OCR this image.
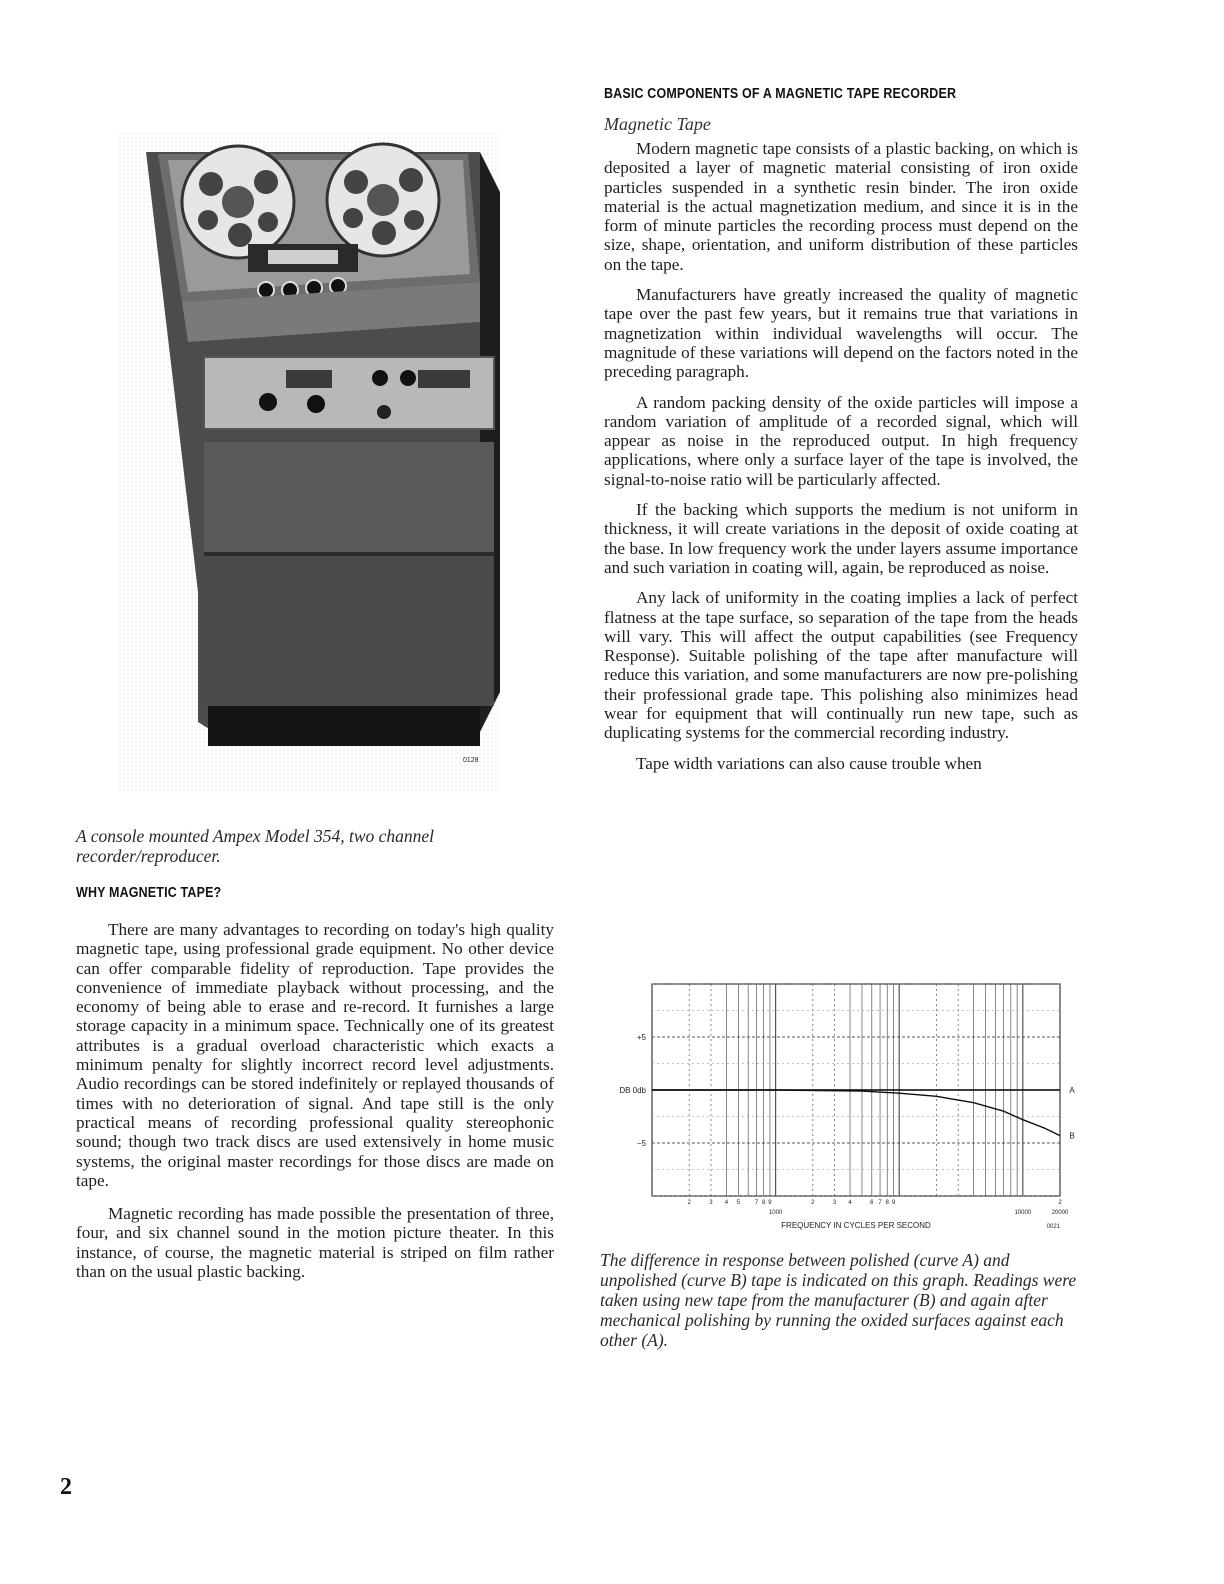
0128
A console mounted Ampex Model 354, two channel recorder/reproducer.
WHY MAGNETIC TAPE?

There are many advantages to recording on today's high quality magnetic tape, using professional grade equipment. No other device can offer comparable fidelity of reproduction. Tape provides the convenience of immediate playback without processing, and the economy of being able to erase and re-record. It furnishes a large storage capacity in a minimum space. Technically one of its greatest attributes is a gradual overload characteristic which exacts a minimum penalty for slightly incorrect record level adjustments. Audio recordings can be stored indefinitely or replayed thousands of times with no deterioration of signal. And tape still is the only practical means of recording professional quality stereophonic sound; though two track discs are used extensively in home music systems, the original master recordings for those discs are made on tape.

Magnetic recording has made possible the presentation of three, four, and six channel sound in the motion picture theater. In this instance, of course, the magnetic material is striped on film rather than on the usual plastic backing.

BASIC COMPONENTS OF A MAGNETIC TAPE RECORDER
Magnetic Tape

Modern magnetic tape consists of a plastic backing, on which is deposited a layer of magnetic material consisting of iron oxide particles suspended in a synthetic resin binder. The iron oxide material is the actual magnetization medium, and since it is in the form of minute particles the recording process must depend on the size, shape, orientation, and uniform distribution of these particles on the tape.

Manufacturers have greatly increased the quality of magnetic tape over the past few years, but it remains true that variations in magnetization within individual wavelengths will occur. The magnitude of these variations will depend on the factors noted in the preceding paragraph.

A random packing density of the oxide particles will impose a random variation of amplitude of a recorded signal, which will appear as noise in the reproduced output. In high frequency applications, where only a surface layer of the tape is involved, the signal-to-noise ratio will be particularly affected.

If the backing which supports the medium is not uniform in thickness, it will create variations in the deposit of oxide coating at the base. In low frequency work the under layers assume importance and such variation in coating will, again, be reproduced as noise.

Any lack of uniformity in the coating implies a lack of perfect flatness at the tape surface, so separation of the tape from the heads will vary. This will affect the output capabilities (see Frequency Response). Suitable polishing of the tape after manufacture will reduce this variation, and some manufacturers are now pre-polishing their professional grade tape. This polishing also minimizes head wear for equipment that will continually run new tape, such as duplicating systems for the commercial recording industry.

Tape width variations can also cause trouble when

+5
DB 0db
−5
2	3 4 5 7 8 9	2	3 4	6 7 8 9	2
1000	10000	20000
A
B
FREQUENCY IN CYCLES PER SECOND	0021
The difference in response between polished (curve A) and unpolished (curve B) tape is indicated on this graph. Readings were taken using new tape from the manufacturer (B) and again after mechanical polishing by running the oxided surfaces against each other (A).
2
